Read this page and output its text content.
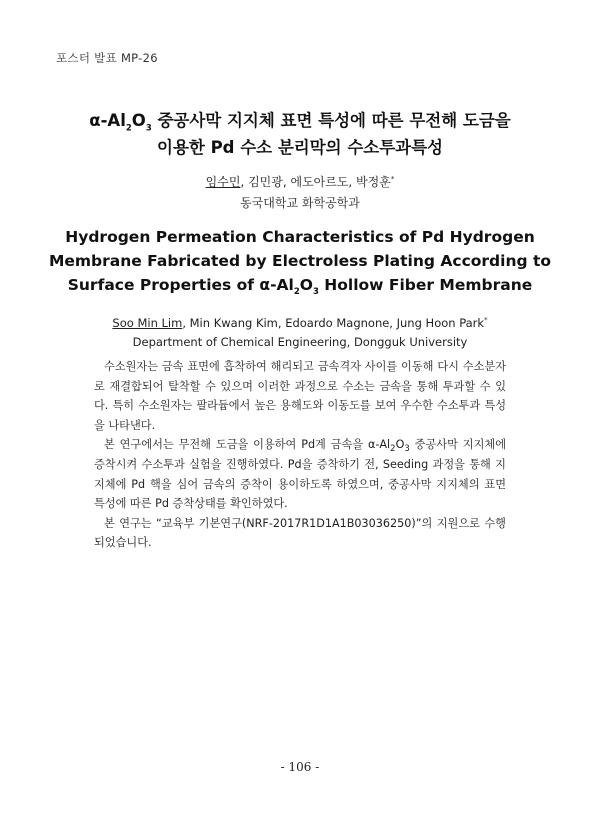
포스터 발표 MP-26
$\alpha-Al_2O_3$ 중공사막 지지체 표면 특성에 따른 무전해 도금을
이용한 Pd 수소 분리막의 수소투과특성
임수민, 김민광, 에도아르도, 박정훈*
동국대학교 화학공학과
Hydrogen Permeation Characteristics of Pd Hydrogen
Membrane Fabricated by Electroless Plating According to
Surface Properties of $\alpha-Al_2O_3$ Hollow Fiber Membrane
Soo Min Lim, Min Kwang Kim, Edoardo Magnone, Jung Hoon Park*
Department of Chemical Engineering, Dongguk University

수소원자는 금속 표면에 흡착하여 해리되고 금속격자 사이를 이동해 다시 수소분자로 재결합되어 탈착할 수 있으며 이러한 과정으로 수소는 금속을 통해 투과할 수 있다. 특히 수소원자는 팔라듐에서 높은 용해도와 이동도를 보여 우수한 수소투과 특성을 나타낸다.

본 연구에서는 무전해 도금을 이용하여 Pd계 금속을 $\alpha-Al_2O_3$ 중공사막 지지체에 증착시켜 수소투과 실험을 진행하였다. Pd을 증착하기 전, Seeding 과정을 통해 지지체에 Pd 핵을 심어 금속의 증착이 용이하도록 하였으며, 중공사막 지지체의 표면 특성에 따른 Pd 증착상태를 확인하였다.

본 연구는 “교육부 기본연구(NRF-2017R1D1A1B03036250)”의 지원으로 수행되었습니다.

- 106 -
